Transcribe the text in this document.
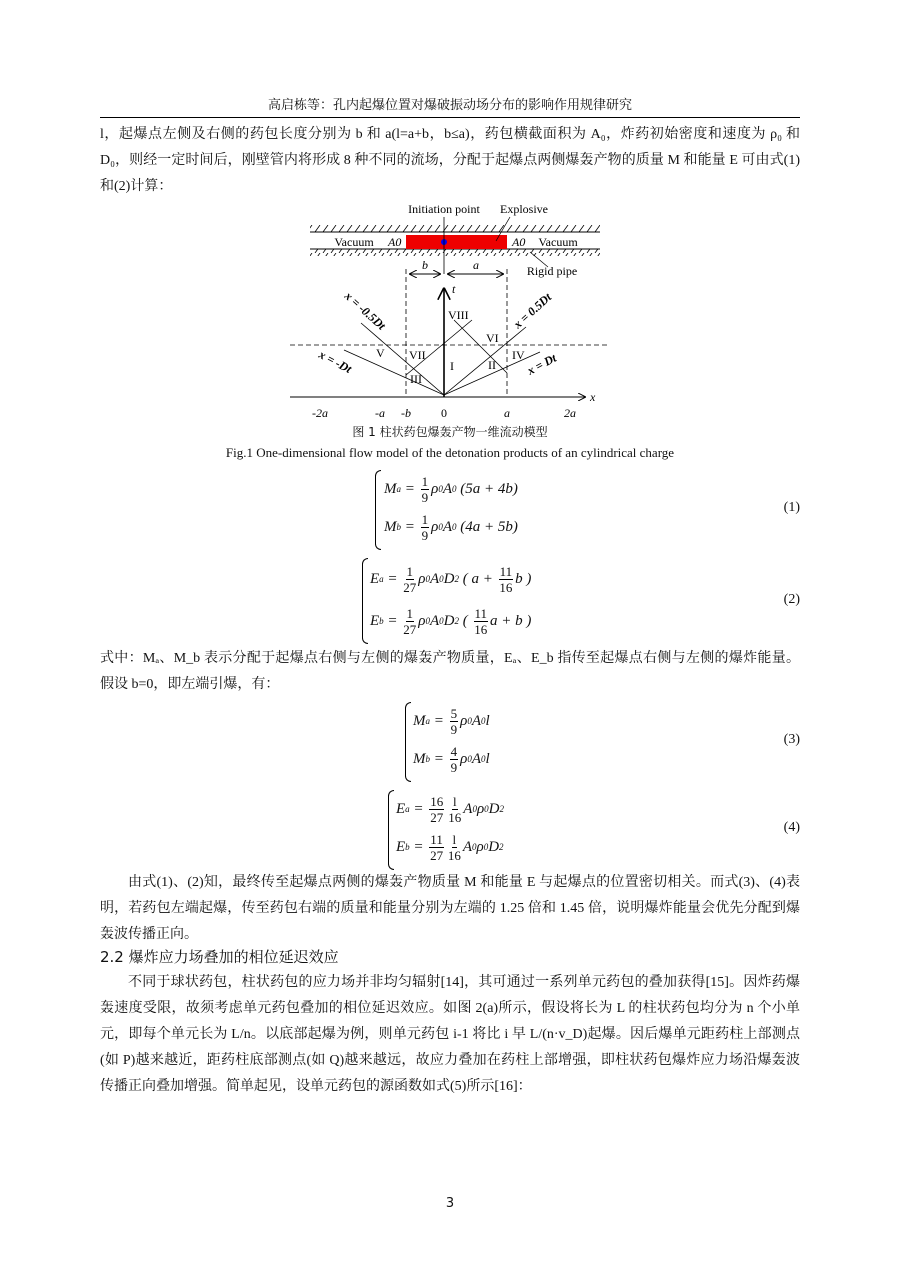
高启栋等：孔内起爆位置对爆破振动场分布的影响作用规律研究
l，起爆点左侧及右侧的药包长度分别为 b 和 a(l=a+b，b≤a)，药包横截面积为 A₀，炸药初始密度和速度为 ρ₀ 和 D₀，则经一定时间后，刚壁管内将形成 8 种不同的流场，分配于起爆点两侧爆轰产物的质量 M 和能量 E 可由式(1)和(2)计算：
Initiation point Explosive
Vacuum A0	A0 Vacuum
Rigid pipe
b	a
t
x
x = -0.5Dt
x = -Dt
x = 0.5Dt
x = Dt
I	II
III
IV
V
VI
VII
VIII
-2a	-a -b	0	a	2a
图 1 柱状药包爆轰产物一维流动模型
Fig.1 One-dimensional flow model of the detonation products of an cylindrical charge
M a = 1
9
ρ 0 A 0
(5a + 4b)
M b = 1
9
ρ 0 A 0
(4a + 5b)
(1)
E a = 1
27
ρ 0 A 0 D 2 ( a + 11
16
b )
E b = 1
27
ρ 0 A 0 D 2 ( 11
16
a + b )
(2)
式中：Mₐ、M_b 表示分配于起爆点右侧与左侧的爆轰产物质量，Eₐ、E_b 指传至起爆点右侧与左侧的爆炸能量。假设 b=0，即左端引爆，有：
M a = 5
9
ρ 0 A 0 l
M b = 4
9
ρ 0 A 0 l
(3)
E a = 16
27
l
16
A 0 ρ 0 D 2
E b = 11
27
l
16
A 0 ρ 0 D 2
(4)
由式(1)、(2)知，最终传至起爆点两侧的爆轰产物质量 M 和能量 E 与起爆点的位置密切相关。而式(3)、(4)表明，若药包左端起爆，传至药包右端的质量和能量分别为左端的 1.25 倍和 1.45 倍，说明爆炸能量会优先分配到爆轰波传播正向。
2.2 爆炸应力场叠加的相位延迟效应
不同于球状药包，柱状药包的应力场并非均匀辐射[14]，其可通过一系列单元药包的叠加获得[15]。因炸药爆轰速度受限，故须考虑单元药包叠加的相位延迟效应。如图 2(a)所示，假设将长为 L 的柱状药包均分为 n 个小单元，即每个单元长为 L/n。以底部起爆为例，则单元药包 i-1 将比 i 早 L/(n·v_D)起爆。因后爆单元距药柱上部测点(如 P)越来越近，距药柱底部测点(如 Q)越来越远，故应力叠加在药柱上部增强，即柱状药包爆炸应力场沿爆轰波传播正向叠加增强。简单起见，设单元药包的源函数如式(5)所示[16]：
3
